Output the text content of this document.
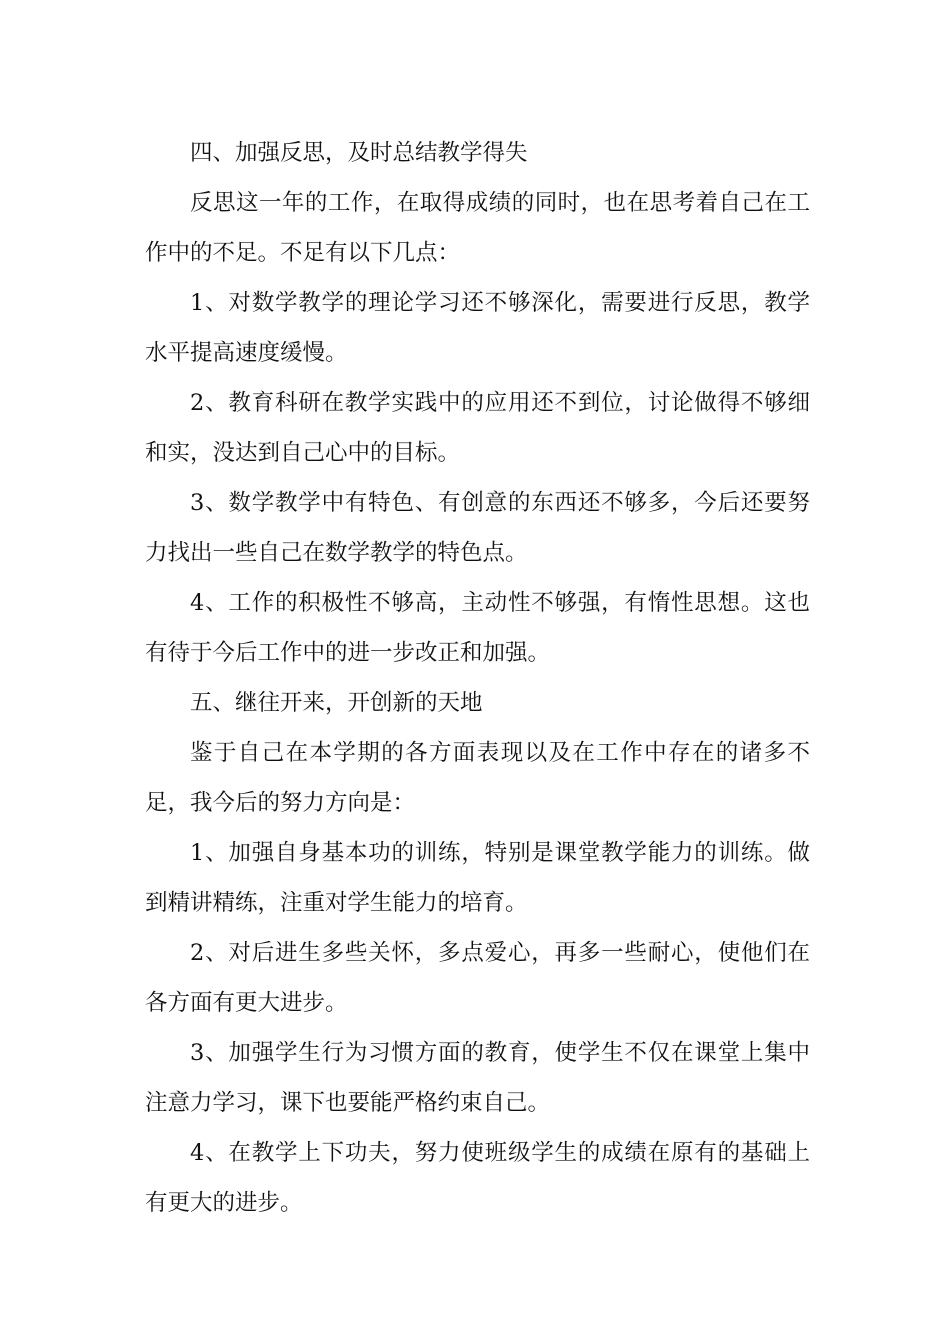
四、加强反思，及时总结教学得失

反思这一年的工作，在取得成绩的同时，也在思考着自己在工作中的不足。不足有以下几点：

1、对数学教学的理论学习还不够深化，需要进行反思，教学水平提高速度缓慢。

2、教育科研在教学实践中的应用还不到位，讨论做得不够细和实，没达到自己心中的目标。

3、数学教学中有特色、有创意的东西还不够多，今后还要努力找出一些自己在数学教学的特色点。

4、工作的积极性不够高，主动性不够强，有惰性思想。这也有待于今后工作中的进一步改正和加强。

五、继往开来，开创新的天地

鉴于自己在本学期的各方面表现以及在工作中存在的诸多不足，我今后的努力方向是：

1、加强自身基本功的训练，特别是课堂教学能力的训练。做到精讲精练，注重对学生能力的培育。

2、对后进生多些关怀，多点爱心，再多一些耐心，使他们在各方面有更大进步。

3、加强学生行为习惯方面的教育，使学生不仅在课堂上集中注意力学习，课下也要能严格约束自己。

4、在教学上下功夫，努力使班级学生的成绩在原有的基础上有更大的进步。
